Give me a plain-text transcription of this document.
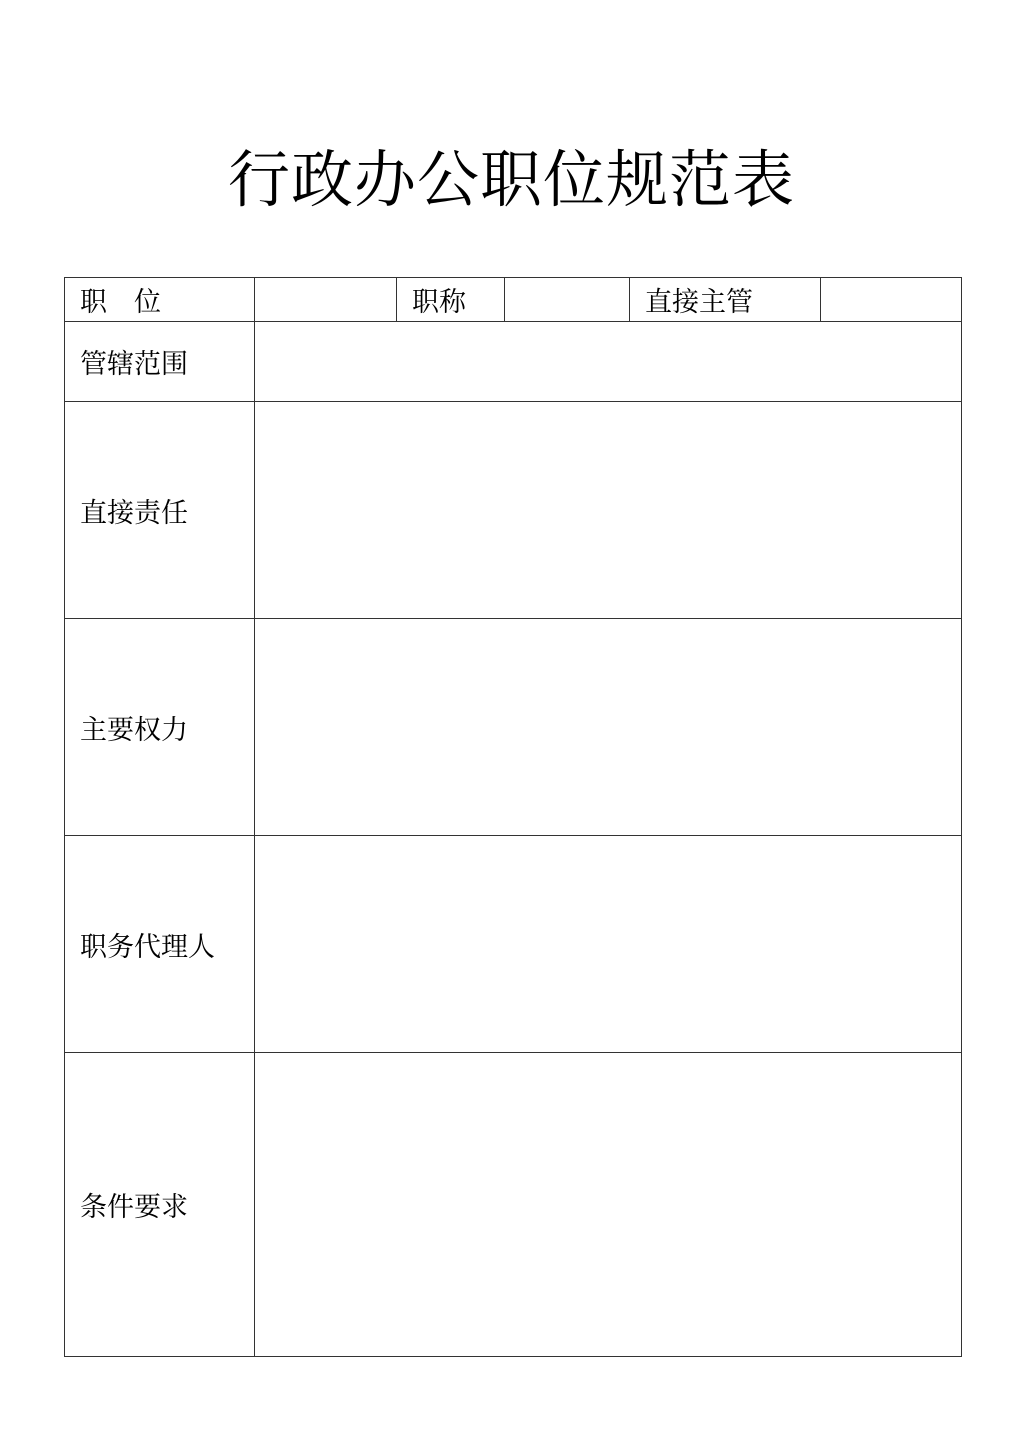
行政办公职位规范表
职　位		职称		直接主管	
管辖范围					
直接责任					
主要权力					
职务代理人					
条件要求					
